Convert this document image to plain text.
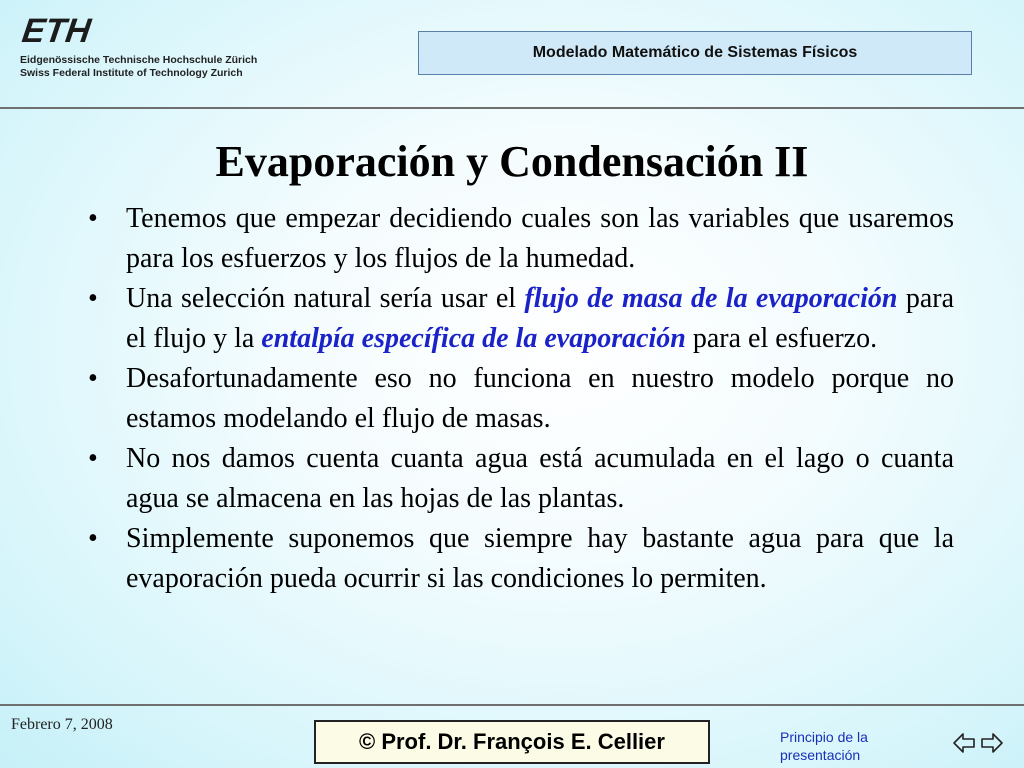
ETH
Eidgenössische Technische Hochschule Zürich
Swiss Federal Institute of Technology Zurich
Modelado Matemático de Sistemas Físicos
Evaporación y Condensación II
• Tenemos que empezar decidiendo cuales son las variables que usaremos para los esfuerzos y los flujos de la humedad.
• Una selección natural sería usar el flujo de masa de la evaporación para el flujo y la entalpía específica de la evaporación para el esfuerzo.
• Desafortunadamente eso no funciona en nuestro modelo porque no estamos modelando el flujo de masas.
• No nos damos cuenta cuanta agua está acumulada en el lago o cuanta agua se almacena en las hojas de las plantas.
• Simplemente suponemos que siempre hay bastante agua para que la evaporación pueda ocurrir si las condiciones lo permiten.
Febrero 7, 2008
© Prof. Dr. François E. Cellier	Principio de la presentación
